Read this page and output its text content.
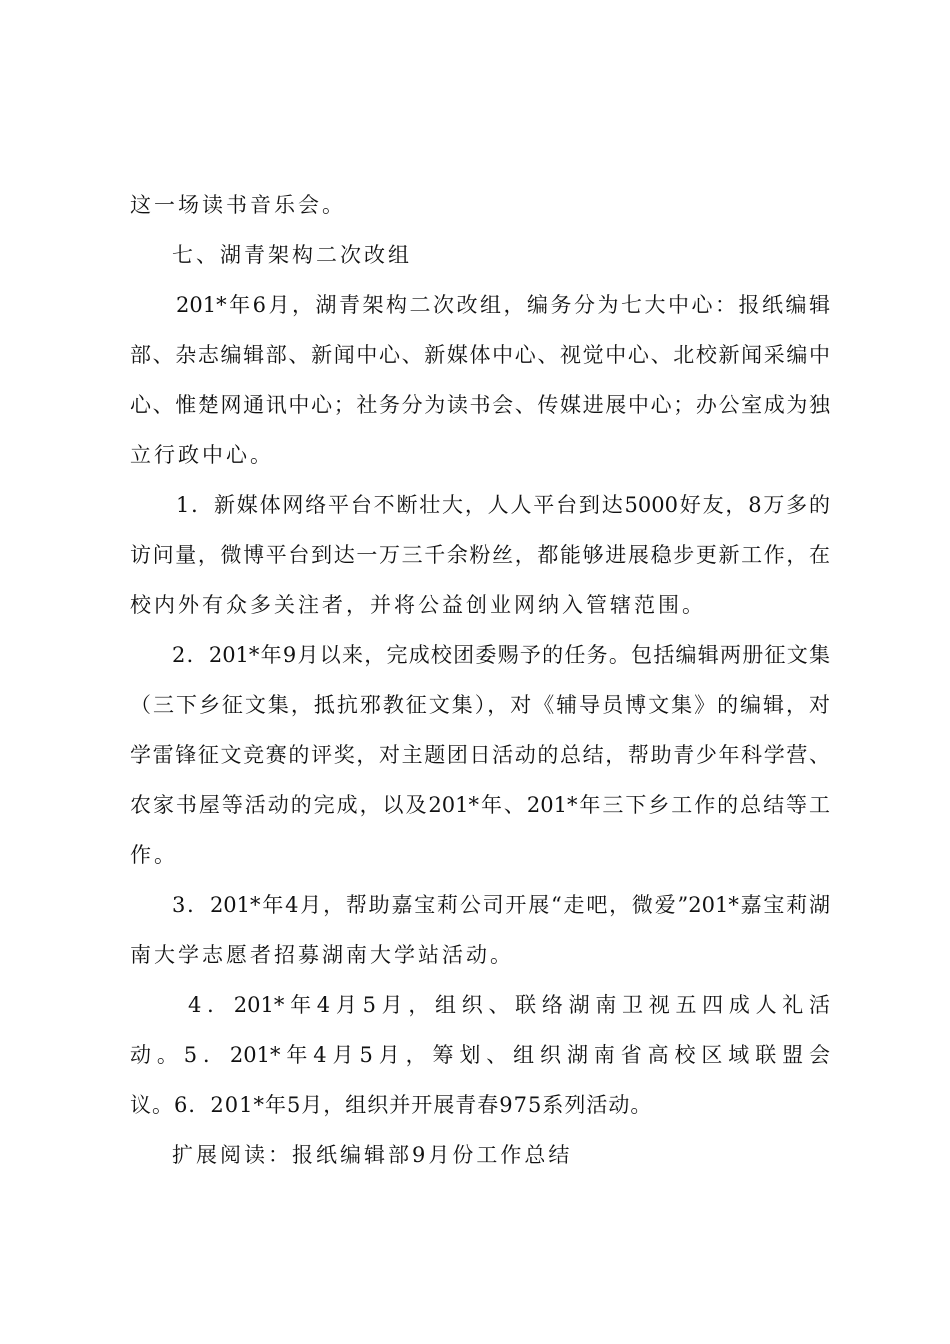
这一场读书音乐会。
七、湖青架构二次改组
201*年6月，湖青架构二次改组，编务分为七大中心：报纸编辑
部、杂志编辑部、新闻中心、新媒体中心、视觉中心、北校新闻采编中
心、惟楚网通讯中心；社务分为读书会、传媒进展中心；办公室成为独
立行政中心。
1．新媒体网络平台不断壮大，人人平台到达5000好友，8万多的
访问量，微博平台到达一万三千余粉丝，都能够进展稳步更新工作，在
校内外有众多关注者，并将公益创业网纳入管辖范围。
2．201*年9月以来，完成校团委赐予的任务。包括编辑两册征文集
（三下乡征文集，抵抗邪教征文集），对《辅导员博文集》的编辑，对
学雷锋征文竞赛的评奖，对主题团日活动的总结，帮助青少年科学营、
农家书屋等活动的完成，以及201*年、201*年三下乡工作的总结等工
作。
3．201*年4月，帮助嘉宝莉公司开展“走吧，微爱”201*嘉宝莉湖
南大学志愿者招募湖南大学站活动。
4．201*年4月5月，组织、联络湖南卫视五四成人礼活
动。5．201*年4月5月，筹划、组织湖南省高校区域联盟会
议。6．201*年5月，组织并开展青春975系列活动。
扩展阅读：报纸编辑部9月份工作总结
